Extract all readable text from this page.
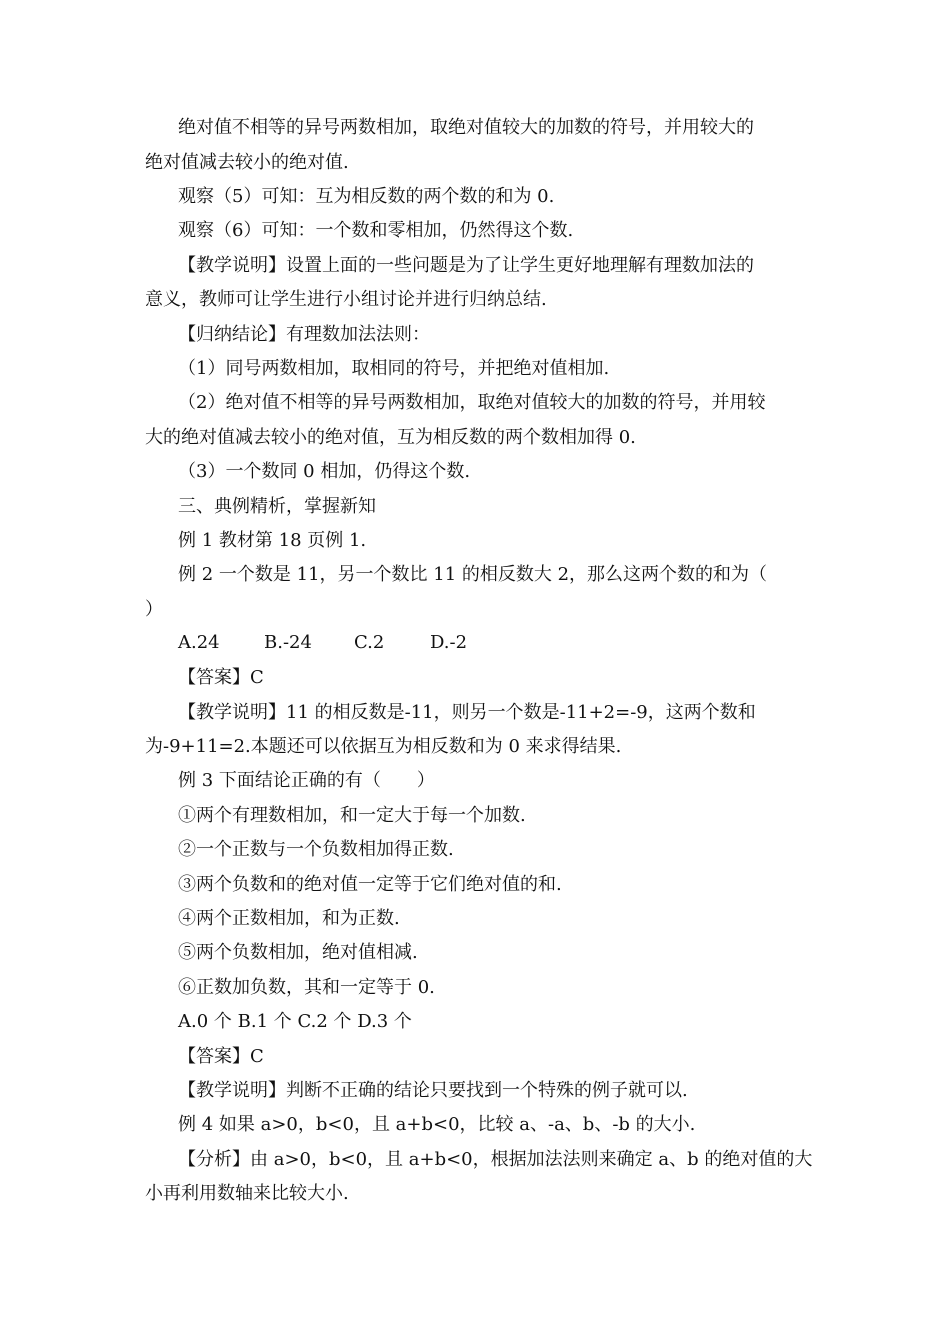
绝对值不相等的异号两数相加，取绝对值较大的加数的符号，并用较大的
绝对值减去较小的绝对值.
观察（5）可知：互为相反数的两个数的和为 0.
观察（6）可知：一个数和零相加，仍然得这个数.
【教学说明】设置上面的一些问题是为了让学生更好地理解有理数加法的
意义，教师可让学生进行小组讨论并进行归纳总结.
【归纳结论】有理数加法法则：
（1）同号两数相加，取相同的符号，并把绝对值相加.
（2）绝对值不相等的异号两数相加，取绝对值较大的加数的符号，并用较
大的绝对值减去较小的绝对值，互为相反数的两个数相加得 0.
（3）一个数同 0 相加，仍得这个数.
三、典例精析，掌握新知
例 1 教材第 18 页例 1.
例 2 一个数是 11，另一个数比 11 的相反数大 2，那么这两个数的和为（
）
A.24 B.-24 C.2	D.-2
【答案】C
【教学说明】11 的相反数是-11，则另一个数是-11+2=-9，这两个数和
为-9+11=2.本题还可以依据互为相反数和为 0 来求得结果.
例 3 下面结论正确的有（　　）
①两个有理数相加，和一定大于每一个加数.
②一个正数与一个负数相加得正数.
③两个负数和的绝对值一定等于它们绝对值的和.
④两个正数相加，和为正数.
⑤两个负数相加，绝对值相减.
⑥正数加负数，其和一定等于 0.
A.0 个 B.1 个 C.2 个 D.3 个
【答案】C
【教学说明】判断不正确的结论只要找到一个特殊的例子就可以.
例 4 如果 a>0，b<0，且 a+b<0，比较 a、-a、b、-b 的大小.
【分析】由 a>0，b<0，且 a+b<0，根据加法法则来确定 a、b 的绝对值的大
小再利用数轴来比较大小.
